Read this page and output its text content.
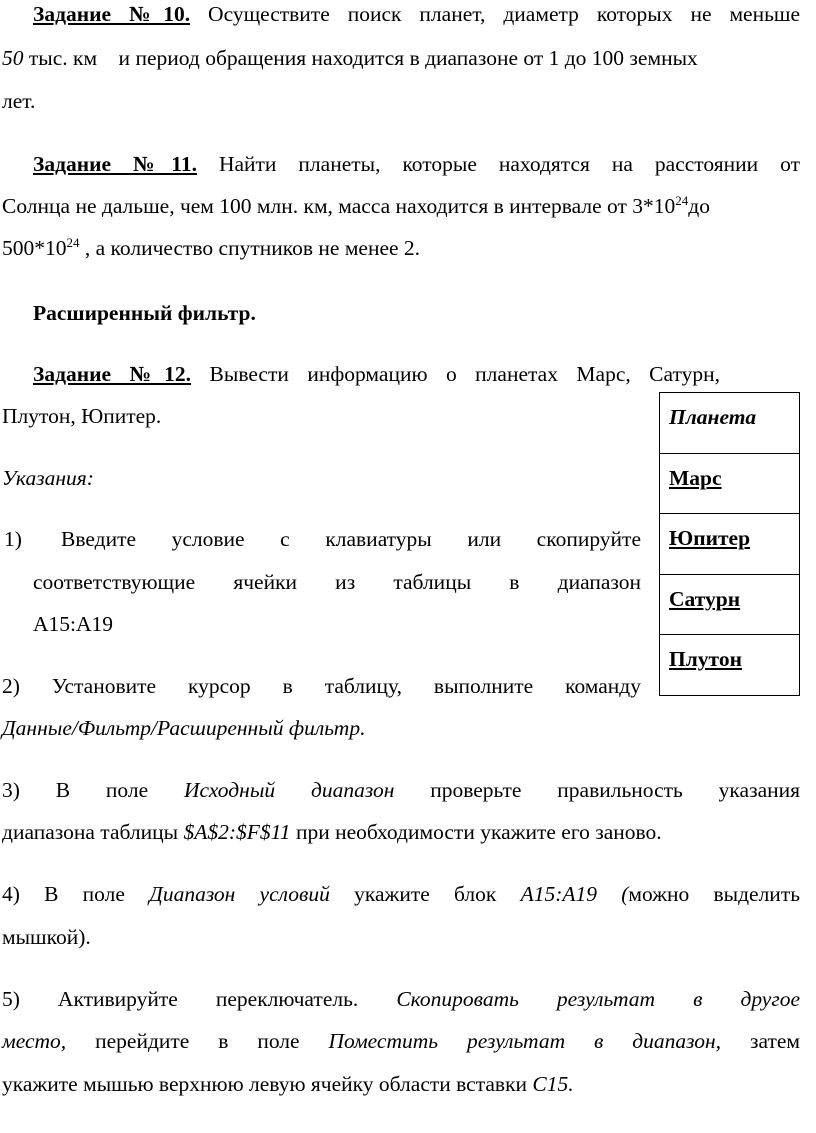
Задание №10. Осуществите поиск планет, диаметр которых не меньше
50 тыс. км    и период обращения находится в диапазоне от 1 до 100 земных
лет.
Задание №11. Найти планеты, которые находятся на расстоянии от
Солнца не дальше, чем 100 млн. км, масса находится в интервале от $3*10^{24}до$
$500*10^{24}$ , а количество спутников не менее 2.
Расширенный фильтр.
Задание №12. Вывести информацию о планетах Марс, Сатурн,
Плутон, Юпитер.
Указания:
1) Введите условие с клавиатуры или скопируйте
соответствующие ячейки из таблицы в диапазон
A15:A19
2) Установите курсор в таблицу, выполните команду
Данные/Фильтр/Расширенный фильтр.
3) В поле Исходный диапазон проверьте правильность указания
диапазона таблицы $A$2:$F$11 при необходимости укажите его заново.
4) В поле Диапазон условий укажите блок A15:A19 (можно выделить
мышкой).
5) Активируйте переключатель. Скопировать результат в другое
место, перейдите в поле Поместить результат в диапазон, затем
укажите мышью верхнюю левую ячейку области вставки C15.
Планета

Марс

Юпитер

Сатурн

Плутон
